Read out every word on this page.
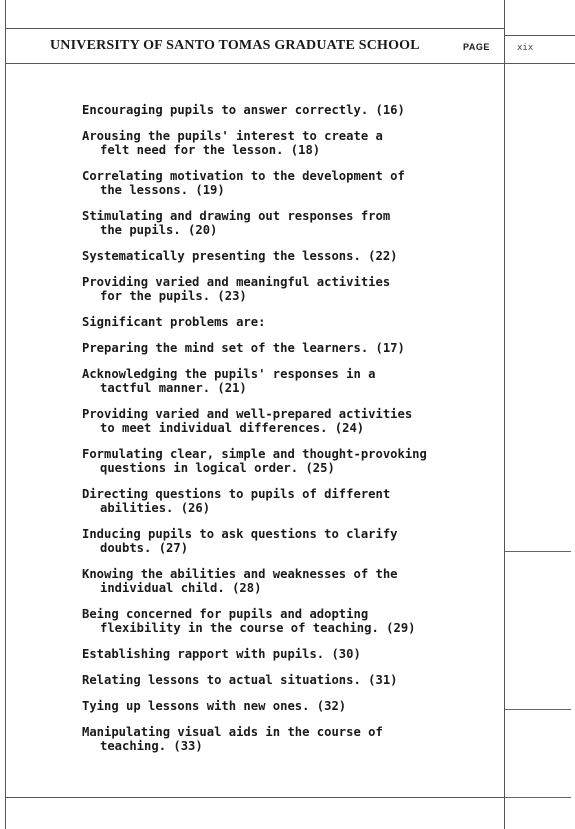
UNIVERSITY OF SANTO TOMAS GRADUATE SCHOOL	PAGE	xix
Encouraging pupils to answer correctly. (16)
Arousing the pupils' interest to create a
felt need for the lesson. (18)
Correlating motivation to the development of
the lessons. (19)
Stimulating and drawing out responses from
the pupils. (20)
Systematically presenting the lessons. (22)
Providing varied and meaningful activities
for the pupils. (23)
Significant problems are:
Preparing the mind set of the learners. (17)
Acknowledging the pupils' responses in a
tactful manner. (21)
Providing varied and well-prepared activities
to meet individual differences. (24)
Formulating clear, simple and thought-provoking
questions in logical order. (25)
Directing questions to pupils of different
abilities. (26)
Inducing pupils to ask questions to clarify
doubts. (27)
Knowing the abilities and weaknesses of the
individual child. (28)
Being concerned for pupils and adopting
flexibility in the course of teaching. (29)
Establishing rapport with pupils. (30)
Relating lessons to actual situations. (31)
Tying up lessons with new ones. (32)
Manipulating visual aids in the course of
teaching. (33)
